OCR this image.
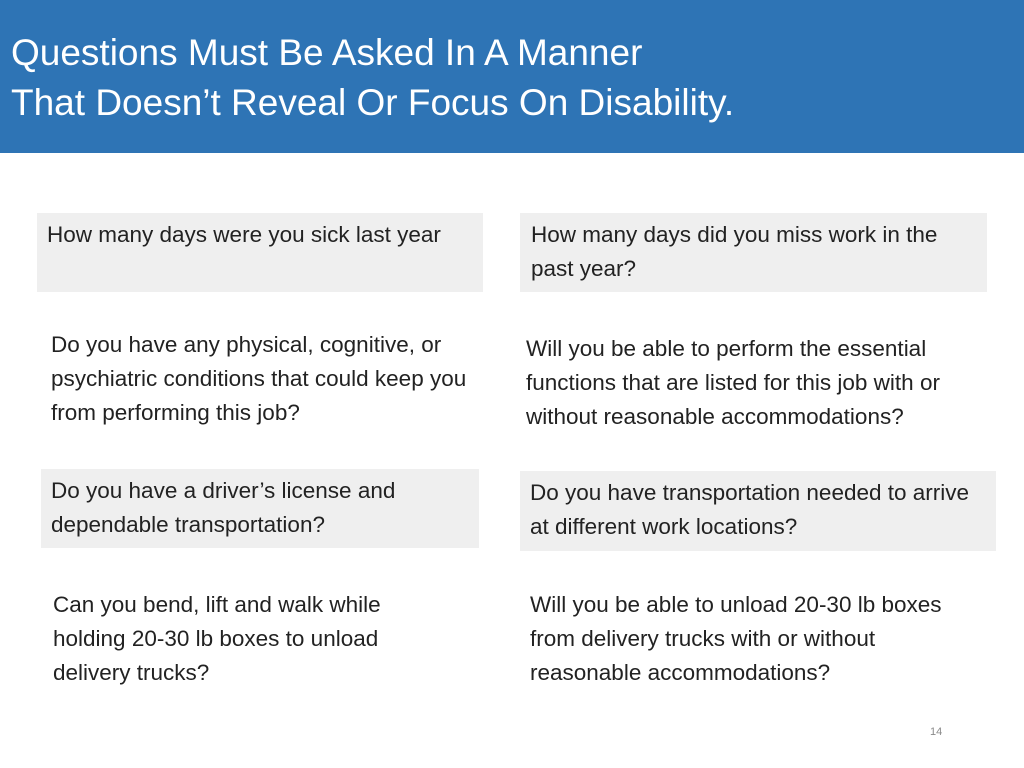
Questions Must Be Asked In A Manner
That Doesn’t Reveal Or Focus On Disability.
How many days were you sick last year	How many days did you miss work in the past year?
Do you have any physical, cognitive, or psychiatric conditions that could keep you from performing this job?
Will you be able to perform the essential functions that are listed for this job with or without reasonable accommodations?
Do you have a driver’s license and dependable transportation?
Do you have transportation needed to arrive at different work locations?
Can you bend, lift and walk while holding 20-30 lb boxes to unload delivery trucks?
Will you be able to unload 20-30 lb boxes from delivery trucks with or without reasonable accommodations?
14
